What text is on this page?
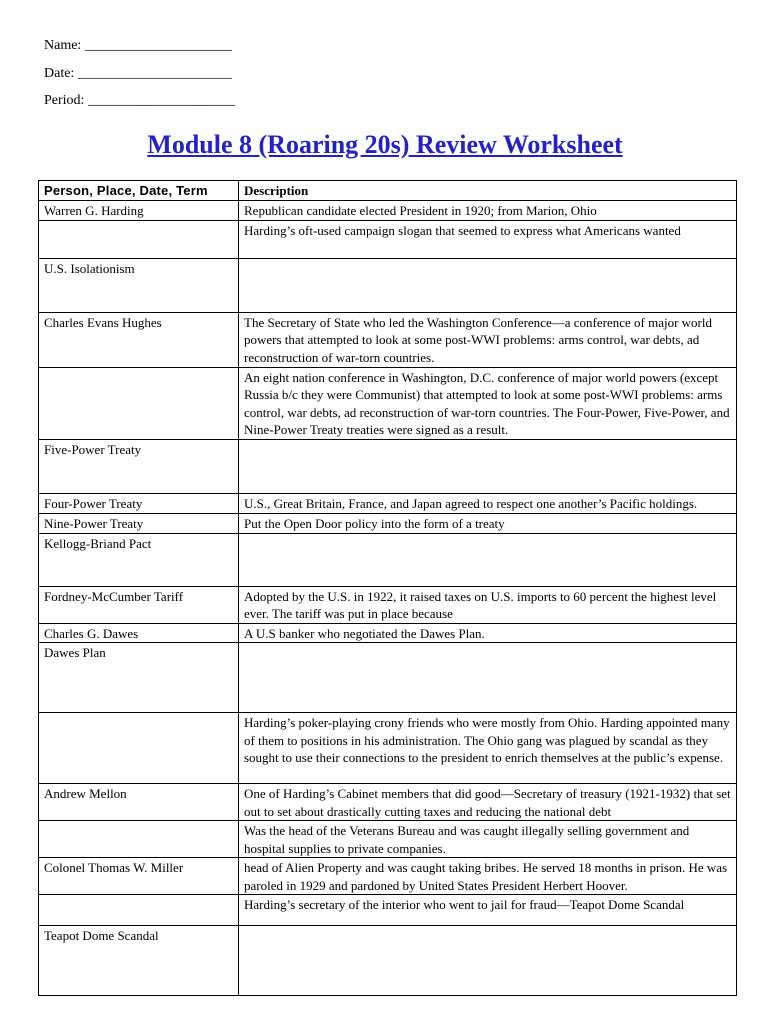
Name: _____________________
Date: ______________________
Period: _____________________
Module 8 (Roaring 20s) Review Worksheet
Person, Place, Date, Term	Description
Warren G. Harding	Republican candidate elected President in 1920; from Marion, Ohio
	Harding’s oft-used campaign slogan that seemed to express what Americans wanted
U.S. Isolationism	
Charles Evans Hughes	The Secretary of State who led the Washington Conference—a conference of major world powers that attempted to look at some post-WWI problems: arms control, war debts, ad reconstruction of war-torn countries.
	An eight nation conference in Washington, D.C. conference of major world powers (except Russia b/c they were Communist) that attempted to look at some post-WWI problems: arms control, war debts, ad reconstruction of war-torn countries. The Four-Power, Five-Power, and Nine-Power Treaty treaties were signed as a result.
Five-Power Treaty	
Four-Power Treaty	U.S., Great Britain, France, and Japan agreed to respect one another’s Pacific holdings.
Nine-Power Treaty	Put the Open Door policy into the form of a treaty
Kellogg-Briand Pact	
Fordney-McCumber Tariff	Adopted by the U.S. in 1922, it raised taxes on U.S. imports to 60 percent the highest level ever. The tariff was put in place because
Charles G. Dawes	A U.S banker who negotiated the Dawes Plan.
Dawes Plan	
	Harding’s poker-playing crony friends who were mostly from Ohio. Harding appointed many of them to positions in his administration. The Ohio gang was plagued by scandal as they sought to use their connections to the president to enrich themselves at the public’s expense.
Andrew Mellon	One of Harding’s Cabinet members that did good—Secretary of treasury (1921-1932) that set out to set about drastically cutting taxes and reducing the national debt
	Was the head of the Veterans Bureau and was caught illegally selling government and hospital supplies to private companies.
Colonel Thomas W. Miller	head of Alien Property and was caught taking bribes. He served 18 months in prison. He was paroled in 1929 and pardoned by United States President Herbert Hoover.
	Harding’s secretary of the interior who went to jail for fraud—Teapot Dome Scandal
Teapot Dome Scandal	
